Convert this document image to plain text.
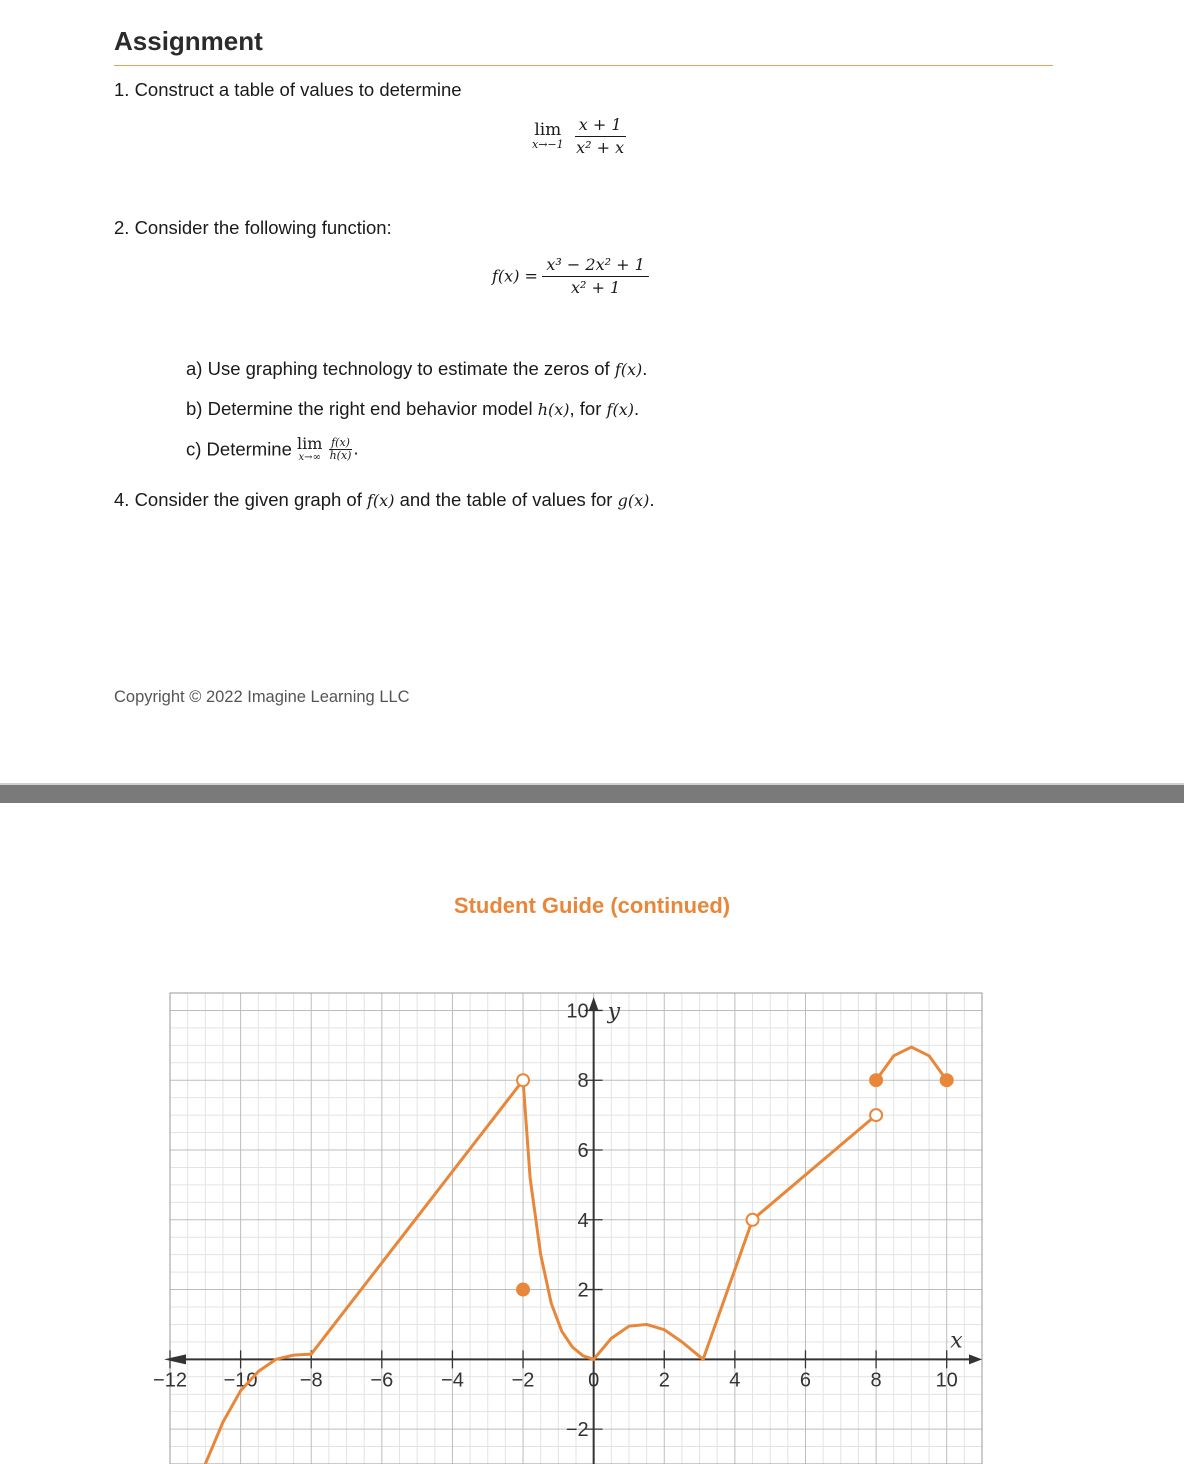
Assignment
1. Construct a table of values to determine
lim
x→−1
$\frac{x + 1}{\text{x² + x}}$
2. Consider the following function:
$f(x) = \frac{\text{x³ − 2x² + 1}}{\text{x² + 1}}$
a) Use graphing technology to estimate the zeros of f(x).
b) Determine the right end behavior model h(x), for f(x).
c) Determine lim
x→∞
$\frac{f(x)}{h(x)}$ .
4. Consider the given graph of f(x) and the table of values for g(x).
Copyright © 2022 Imagine Learning LLC
Student Guide (continued)
−12 −10 −8 −6 −4 −2	0	2	4	6	8	10
10
8
6
4
2
−2
x
y
